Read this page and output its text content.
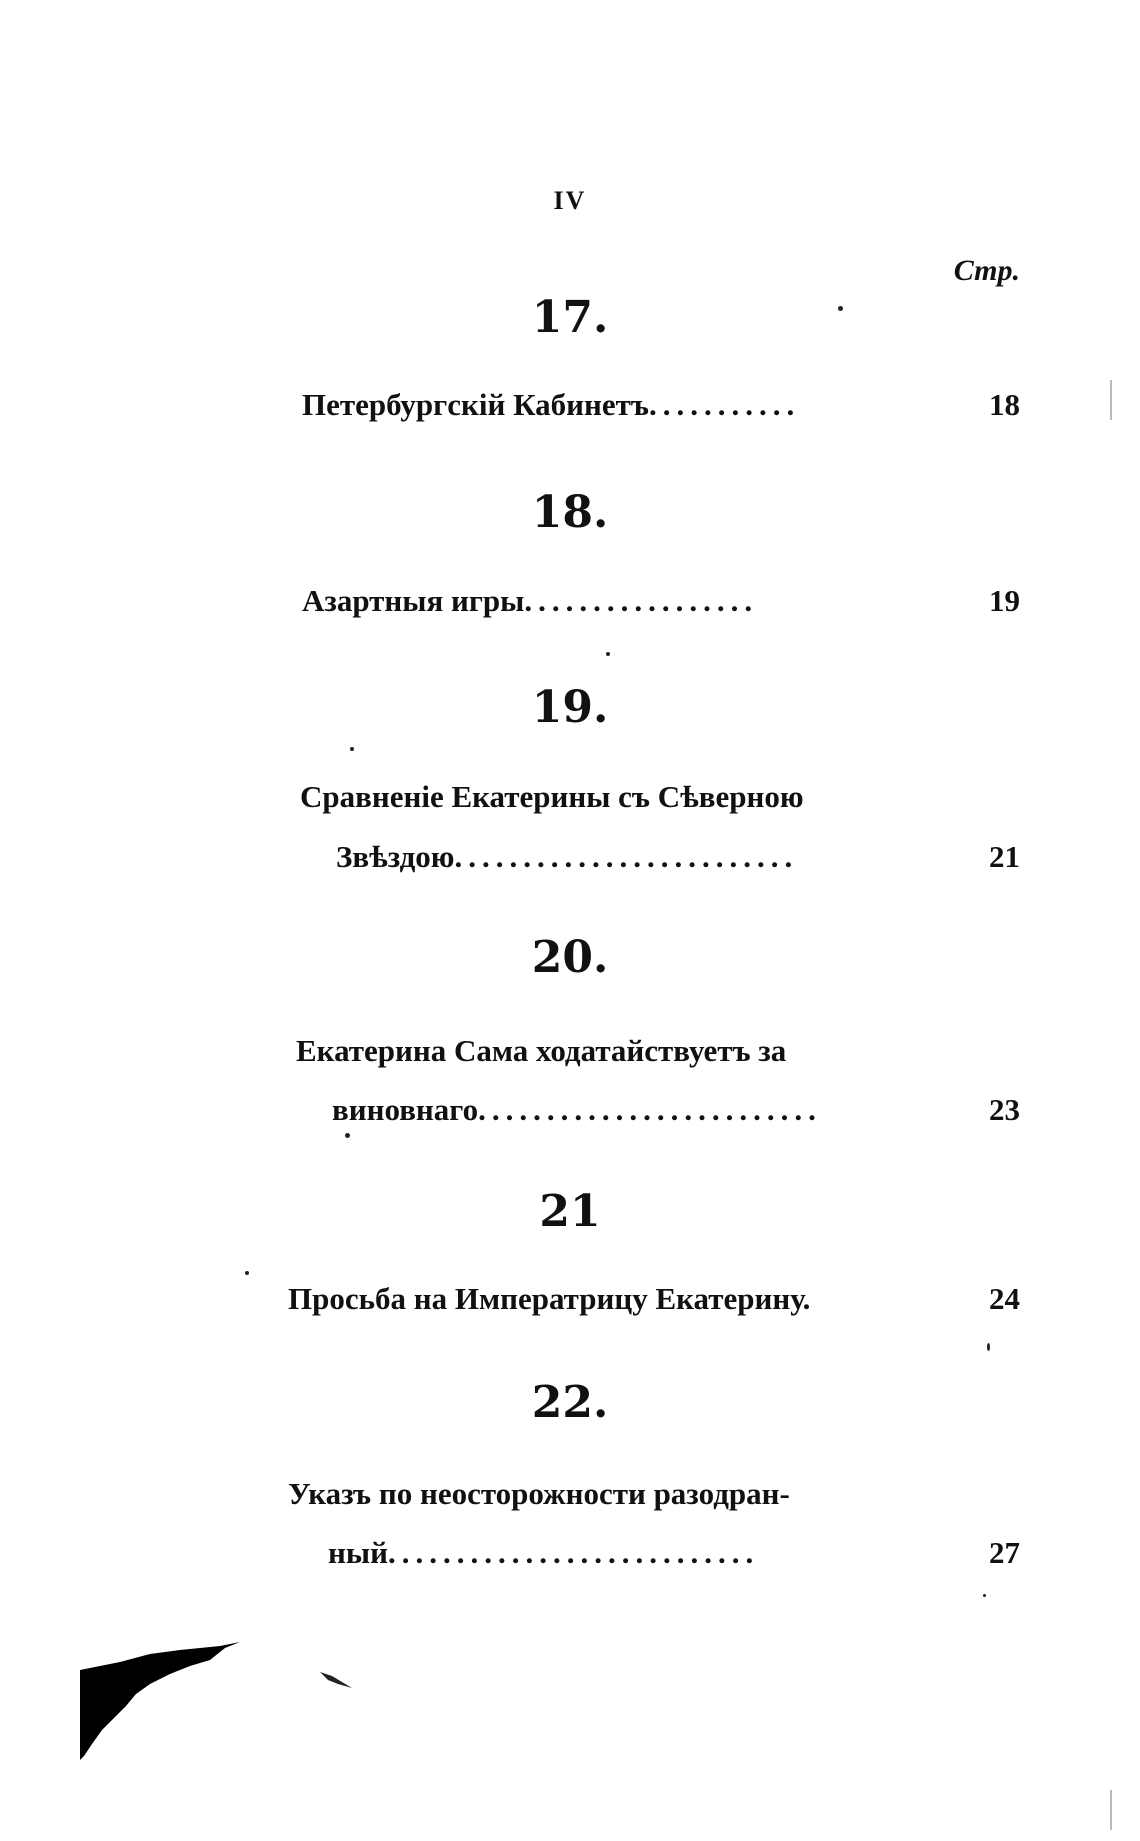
IV
Стр.
17.
Петербургскій Кабинетъ...........	18
18.
Азартныя игры.................	19
19.
Сравненіе Екатерины съ Сѣверною
Звѣздою.........................	21
20.
Екатерина Сама ходатайствуетъ за
виновнаго.........................	23
21
Просьба на Императрицу Екатерину.	24
22.
Указъ по неосторожности разодран-
ный...........................	27
